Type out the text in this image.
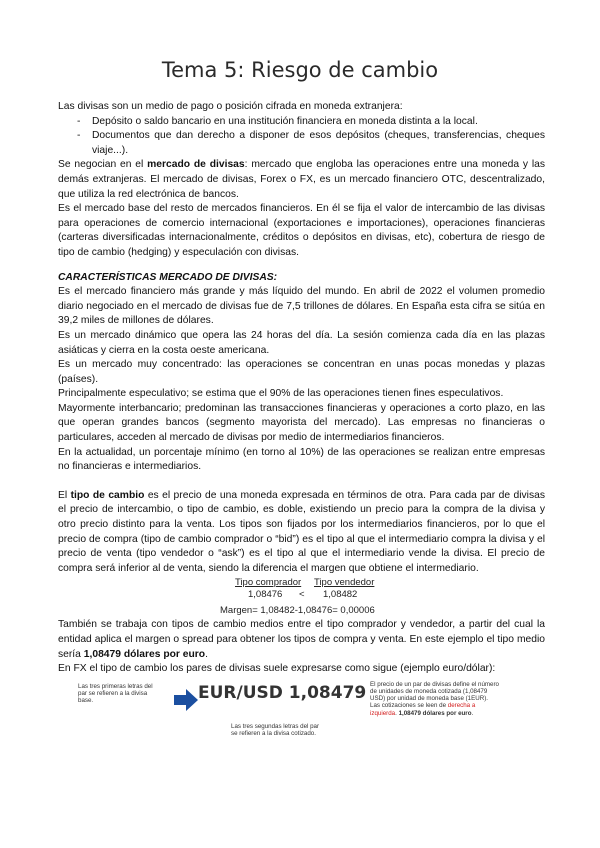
Tema 5: Riesgo de cambio

Las divisas son un medio de pago o posición cifrada en moneda extranjera:

- Depósito o saldo bancario en una institución financiera en moneda distinta a la local.
- Documentos que dan derecho a disponer de esos depósitos (cheques, transferencias, cheques viaje...).

Se negocian en el mercado de divisas: mercado que engloba las operaciones entre una moneda y las demás extranjeras. El mercado de divisas, Forex o FX, es un mercado financiero OTC, descentralizado, que utiliza la red electrónica de bancos.

Es el mercado base del resto de mercados financieros. En él se fija el valor de intercambio de las divisas para operaciones de comercio internacional (exportaciones e importaciones), operaciones financieras (carteras diversificadas internacionalmente, créditos o depósitos en divisas, etc), cobertura de riesgo de tipo de cambio (hedging) y especulación con divisas.

CARACTERÍSTICAS MERCADO DE DIVISAS:

Es el mercado financiero más grande y más líquido del mundo. En abril de 2022 el volumen promedio diario negociado en el mercado de divisas fue de 7,5 trillones de dólares. En España esta cifra se sitúa en 39,2 miles de millones de dólares.

Es un mercado dinámico que opera las 24 horas del día. La sesión comienza cada día en las plazas asiáticas y cierra en la costa oeste americana.

Es un mercado muy concentrado: las operaciones se concentran en unas pocas monedas y plazas (países).

Principalmente especulativo; se estima que el 90% de las operaciones tienen fines especulativos.

Mayormente interbancario; predominan las transacciones financieras y operaciones a corto plazo, en las que operan grandes bancos (segmento mayorista del mercado). Las empresas no financieras o particulares, acceden al mercado de divisas por medio de intermediarios financieros.

En la actualidad, un porcentaje mínimo (en torno al 10%) de las operaciones se realizan entre empresas no financieras e intermediarios.

El tipo de cambio es el precio de una moneda expresada en términos de otra. Para cada par de divisas el precio de intercambio, o tipo de cambio, es doble, existiendo un precio para la compra de la divisa y otro precio distinto para la venta. Los tipos son fijados por los intermediarios financieros, por lo que el precio de compra (tipo de cambio comprador o “bid”) es el tipo al que el intermediario compra la divisa y el precio de venta (tipo vendedor o “ask”) es el tipo al que el intermediario vende la divisa. El precio de compra será inferior al de venta, siendo la diferencia el margen que obtiene el intermediario.

Tipo comprador Tipo vendedor
1,08476 < 1,08482
Margen= 1,08482-1,08476= 0,00006

También se trabaja con tipos de cambio medios entre el tipo comprador y vendedor, a partir del cual la entidad aplica el margen o spread para obtener los tipos de compra y venta. En este ejemplo el tipo medio sería 1,08479 dólares por euro.

En FX el tipo de cambio los pares de divisas suele expresarse como sigue (ejemplo euro/dólar):

Las tres primeras letras del par se refieren a la divisa base.	EUR/USD 1,08479
Las tres segundas letras del par se refieren a la divisa cotizado.
El precio de un par de divisas define el número de unidades de moneda cotizada (1,08479 USD) por unidad de moneda base (1EUR).
Las cotizaciones se leen de derecha a izquierda. 1,08479 dólares por euro.
